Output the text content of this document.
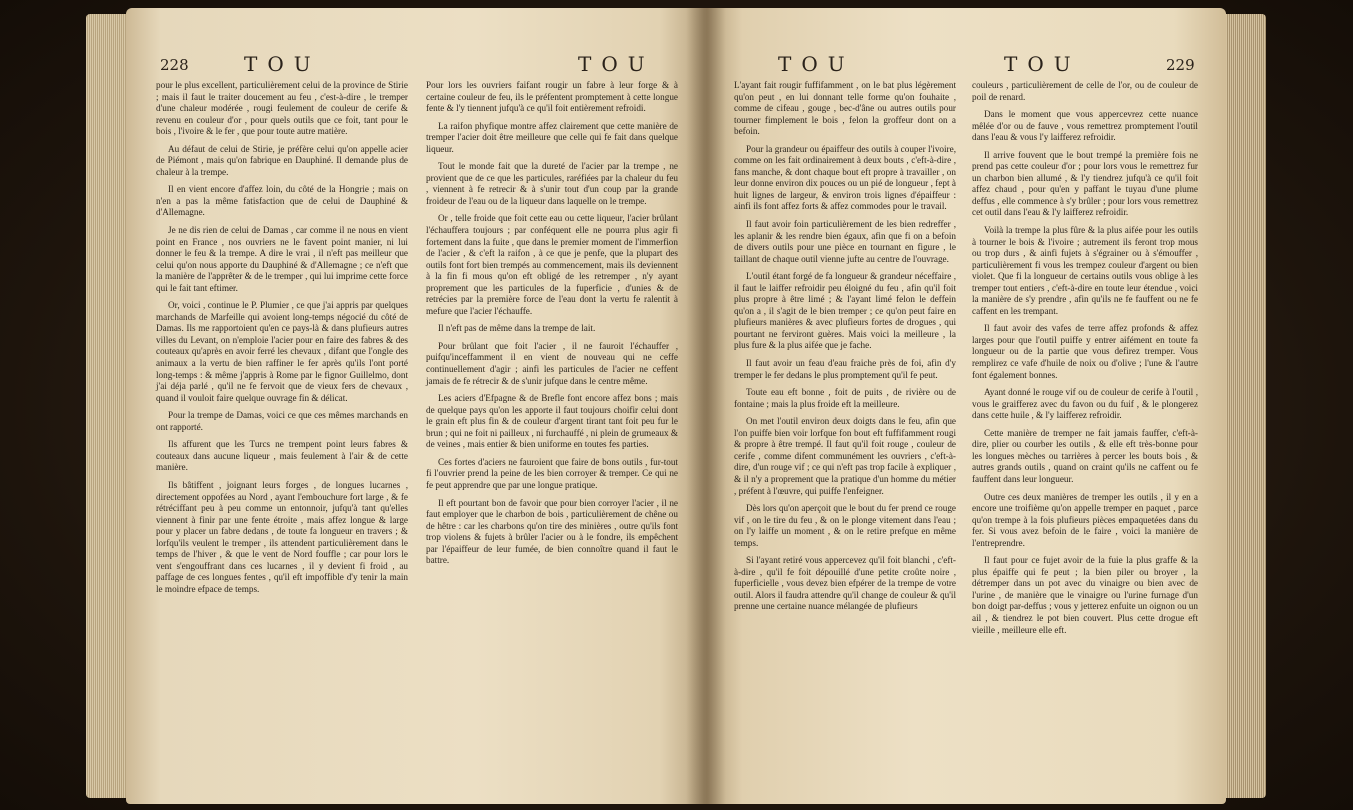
228	TOU	TOU

pour le plus excellent, particulièrement celui de la province de Stirie ; mais il faut le traiter doucement au feu , c'est-à-dire , le tremper d'une chaleur modérée , rougi feulement de couleur de cerife & revenu en couleur d'or , pour quels outils que ce foit, tant pour le bois , l'ivoire & le fer , que pour toute autre matière.

Au défaut de celui de Stirie, je préfère celui qu'on appelle acier de Piémont , mais qu'on fabrique en Dauphiné. Il demande plus de chaleur à la trempe.

Il en vient encore d'affez loin, du côté de la Hongrie ; mais on n'en a pas la même fatisfaction que de celui de Dauphiné & d'Allemagne.

Je ne dis rien de celui de Damas , car comme il ne nous en vient point en France , nos ouvriers ne le favent point manier, ni lui donner le feu & la trempe. A dire le vrai , il n'eft pas meilleur que celui qu'on nous apporte du Dauphiné & d'Allemagne ; ce n'eft que la manière de l'apprêter & de le tremper , qui lui imprime cette force qui le fait tant eftimer.

Or, voici , continue le P. Plumier , ce que j'ai appris par quelques marchands de Marfeille qui avoient long-temps négocié du côté de Damas. Ils me rapportoient qu'en ce pays-là & dans plufieurs autres villes du Levant, on n'emploie l'acier pour en faire des fabres & des couteaux qu'après en avoir ferré les chevaux , difant que l'ongle des animaux a la vertu de bien raffiner le fer après qu'ils l'ont porté long-temps : & même j'appris à Rome par le fignor Guillelmo, dont j'ai déja parlé , qu'il ne fe fervoit que de vieux fers de chevaux , quand il vouloit faire quelque ouvrage fin & délicat.

Pour la trempe de Damas, voici ce que ces mêmes marchands en ont rapporté.

Ils affurent que les Turcs ne trempent point leurs fabres & couteaux dans aucune liqueur , mais feulement à l'air & de cette manière.

Ils bâtiffent , joignant leurs forges , de longues lucarnes , directement oppofées au Nord , ayant l'embouchure fort large , & fe rétréciffant peu à peu comme un entonnoir, jufqu'à tant qu'elles viennent à finir par une fente étroite , mais affez longue & large pour y placer un fabre dedans , de toute fa longueur en travers ; & lorfqu'ils veulent le tremper , ils attendent particulièrement dans le temps de l'hiver , & que le vent de Nord fouffle ; car pour lors le vent s'engouffrant dans ces lucarnes , il y devient fi froid , au paffage de ces longues fentes , qu'il eft impoffible d'y tenir la main le moindre efpace de temps.

Pour lors les ouvriers faifant rougir un fabre à leur forge & à certaine couleur de feu, ils le préfentent promptement à cette longue fente & l'y tiennent jufqu'à ce qu'il foit entièrement refroidi.

La raifon phyfique montre affez clairement que cette manière de tremper l'acier doit être meilleure que celle qui fe fait dans quelque liqueur.

Tout le monde fait que la dureté de l'acier par la trempe , ne provient que de ce que les particules, raréfiées par la chaleur du feu , viennent à fe retrecir & à s'unir tout d'un coup par la grande froideur de l'eau ou de la liqueur dans laquelle on le trempe.

Or , telle froide que foit cette eau ou cette liqueur, l'acier brûlant l'échauffera toujours ; par conféquent elle ne pourra plus agir fi fortement dans la fuite , que dans le premier moment de l'immerfion de l'acier , & c'eft la raifon , à ce que je penfe, que la plupart des outils font fort bien trempés au commencement, mais ils deviennent à la fin fi mous qu'on eft obligé de les retremper , n'y ayant proprement que les particules de la fuperficie , d'unies & de retrécies par la première force de l'eau dont la vertu fe ralentit à mefure que l'acier l'échauffe.

Il n'eft pas de même dans la trempe de lait.

Pour brûlant que foit l'acier , il ne fauroit l'échauffer , puifqu'inceffamment il en vient de nouveau qui ne ceffe continuellement d'agir ; ainfi les particules de l'acier ne ceffent jamais de fe rétrecir & de s'unir jufque dans le centre même.

Les aciers d'Efpagne & de Brefle font encore affez bons ; mais de quelque pays qu'on les apporte il faut toujours choifir celui dont le grain eft plus fin & de couleur d'argent tirant tant foit peu fur le brun ; qui ne foit ni pailleux , ni furchauffé , ni plein de grumeaux & de veines , mais entier & bien uniforme en toutes fes parties.

Ces fortes d'aciers ne fauroient que faire de bons outils , fur-tout fi l'ouvrier prend la peine de les bien corroyer & tremper. Ce qui ne fe peut apprendre que par une longue pratique.

Il eft pourtant bon de favoir que pour bien corroyer l'acier , il ne faut employer que le charbon de bois , particulièrement de chêne ou de hêtre : car les charbons qu'on tire des minières , outre qu'ils font trop violens & fujets à brûler l'acier ou à le fondre, ils empêchent par l'épaiffeur de leur fumée, de bien connoître quand il faut le battre.

TOU	TOU	229

L'ayant fait rougir fuffifamment , on le bat plus légèrement qu'on peut , en lui donnant telle forme qu'on fouhaite , comme de cifeau , gouge , bec-d'âne ou autres outils pour tourner fimplement le bois , felon la groffeur dont on a befoin.

Pour la grandeur ou épaiffeur des outils à couper l'ivoire, comme on les fait ordinairement à deux bouts , c'eft-à-dire , fans manche, & dont chaque bout eft propre à travailler , on leur donne environ dix pouces ou un pié de longueur , fept à huit lignes de largeur, & environ trois lignes d'épaiffeur : ainfi ils font affez forts & affez commodes pour le travail.

Il faut avoir foin particulièrement de les bien redreffer , les aplanir & les rendre bien égaux, afin que fi on a befoin de divers outils pour une pièce en tournant en figure , le taillant de chaque outil vienne jufte au centre de l'ouvrage.

L'outil étant forgé de fa longueur & grandeur néceffaire , il faut le laiffer refroidir peu éloigné du feu , afin qu'il foit plus propre à être limé ; & l'ayant limé felon le deffein qu'on a , il s'agit de le bien tremper ; ce qu'on peut faire en plufieurs manières & avec plufieurs fortes de drogues , qui pourtant ne ferviront guères. Mais voici la meilleure , la plus fure & la plus aifée que je fache.

Il faut avoir un feau d'eau fraiche près de foi, afin d'y tremper le fer dedans le plus promptement qu'il fe peut.

Toute eau eft bonne , foit de puits , de rivière ou de fontaine ; mais la plus froide eft la meilleure.

On met l'outil environ deux doigts dans le feu, afin que l'on puiffe bien voir lorfque fon bout eft fuffifamment rougi & propre à être trempé. Il faut qu'il foit rouge , couleur de cerife , comme difent communément les ouvriers , c'eft-à-dire, d'un rouge vif ; ce qui n'eft pas trop facile à expliquer , & il n'y a proprement que la pratique d'un homme du métier , préfent à l'œuvre, qui puiffe l'enfeigner.

Dès lors qu'on aperçoit que le bout du fer prend ce rouge vif , on le tire du feu , & on le plonge vitement dans l'eau ; on l'y laiffe un moment , & on le retire prefque en même temps.

Si l'ayant retiré vous appercevez qu'il foit blanchi , c'eft-à-dire , qu'il fe foit dépouillé d'une petite croûte noire , fuperficielle , vous devez bien efpérer de la trempe de votre outil. Alors il faudra attendre qu'il change de couleur & qu'il prenne une certaine nuance mélangée de plufieurs

couleurs , particulièrement de celle de l'or, ou de couleur de poil de renard.

Dans le moment que vous appercevrez cette nuance mêlée d'or ou de fauve , vous remettrez promptement l'outil dans l'eau & vous l'y laifferez refroidir.

Il arrive fouvent que le bout trempé la première fois ne prend pas cette couleur d'or ; pour lors vous le remettrez fur un charbon bien allumé , & l'y tiendrez jufqu'à ce qu'il foit affez chaud , pour qu'en y paffant le tuyau d'une plume deffus , elle commence à s'y brûler ; pour lors vous remettrez cet outil dans l'eau & l'y laifferez refroidir.

Voilà la trempe la plus fûre & la plus aifée pour les outils à tourner le bois & l'ivoire ; autrement ils feront trop mous ou trop durs , & ainfi fujets à s'égrainer ou à s'émouffer , particulièrement fi vous les trempez couleur d'argent ou bien violet. Que fi la longueur de certains outils vous oblige à les tremper tout entiers , c'eft-à-dire en toute leur étendue , voici la manière de s'y prendre , afin qu'ils ne fe fauffent ou ne fe caffent en les trempant.

Il faut avoir des vafes de terre affez profonds & affez larges pour que l'outil puiffe y entrer aifément en toute fa longueur ou de la partie que vous defirez tremper. Vous remplirez ce vafe d'huile de noix ou d'olive ; l'une & l'autre font également bonnes.

Ayant donné le rouge vif ou de couleur de cerife à l'outil , vous le graifferez avec du favon ou du fuif , & le plongerez dans cette huile , & l'y laifferez refroidir.

Cette manière de tremper ne fait jamais fauffer, c'eft-à-dire, plier ou courber les outils , & elle eft très-bonne pour les longues mèches ou tarrières à percer les bouts bois , & autres grands outils , quand on craint qu'ils ne caffent ou fe fauffent dans leur longueur.

Outre ces deux manières de tremper les outils , il y en a encore une troifième qu'on appelle tremper en paquet , parce qu'on trempe à la fois plufieurs pièces empaquetées dans du fer. Si vous avez befoin de le faire , voici la manière de l'entreprendre.

Il faut pour ce fujet avoir de la fuie la plus graffe & la plus épaiffe qui fe peut ; la bien piler ou broyer , la détremper dans un pot avec du vinaigre ou bien avec de l'urine , de manière que le vinaigre ou l'urine furnage d'un bon doigt par-deffus ; vous y jetterez enfuite un oignon ou un ail , & tiendrez le pot bien couvert. Plus cette drogue eft vieille , meilleure elle eft.
